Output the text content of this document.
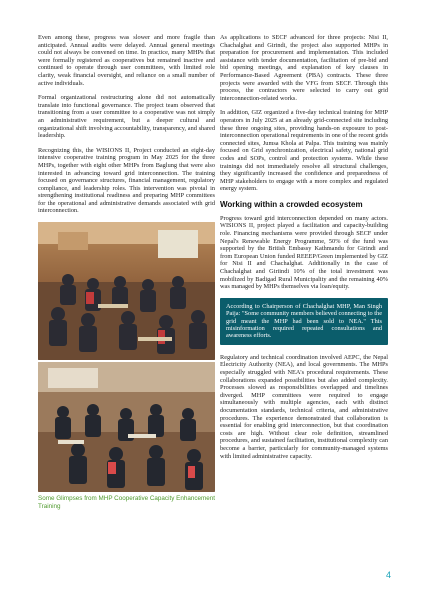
Even among these, progress was slower and more fragile than anticipated. Annual audits were delayed. Annual general meetings could not always be convened on time. In practice, many MHPs that were formally registered as cooperatives but remained inactive and continued to operate through user committees, with limited role clarity, weak financial oversight, and reliance on a small number of active individuals.

Formal organizational restructuring alone did not automatically translate into functional governance. The project team observed that transitioning from a user committee to a cooperative was not simply an administrative requirement, but a deeper cultural and organizational shift involving accountability, transparency, and shared leadership.

Recognizing this, the WISIONS II, Project conducted an eight-day intensive cooperative training program in May 2025 for the three MHPs, together with eight other MHPs from Baglung that were also interested in advancing toward grid interconnection. The training focused on governance structures, financial management, regulatory compliance, and leadership roles. This intervention was pivotal in strengthening institutional readiness and preparing MHP committees for the operational and administrative demands associated with grid interconnection.

Some Glimpses from MHP Cooperative Capacity Enhancement Training

As applications to SECF advanced for three projects: Nisi II, Chachalghat and Girindi, the project also supported MHPs in preparation for procurement and implementation. This included assistance with tender documentation, facilitation of pre-bid and bid opening meetings, and explanation of key clauses in Performance-Based Agreement (PBA) contracts. These three projects were awarded with the VFG from SECF. Through this process, the contractors were selected to carry out grid interconnection-related works.

In addition, GIZ organized a five-day technical training for MHP operators in July 2025 at an already grid-connected site including these three ongoing sites, providing hands-on exposure to post-interconnection operational requirements in one of the recent grids connected sites, Jumsa Khola at Palpa. This training was mainly focused on Grid synchronization, electrical safety, national grid codes and SOPs, control and protection systems. While these trainings did not immediately resolve all structural challenges, they significantly increased the confidence and preparedness of MHP stakeholders to engage with a more complex and regulated energy system.

Working within a crowded ecosystem

Progress toward grid interconnection depended on many actors. WISIONS II, project played a facilitation and capacity-building role. Financing mechanisms were provided through SECF under Nepal's Renewable Energy Programme, 50% of the fund was supported by the British Embassy Kathmandu for Girindi and from European Union funded REEEP/Green implemented by GIZ for Nisi II and Chachalghat. Additionally in the case of Chachalghat and Giriindi 10% of the total investment was mobilized by Badigad Rural Municipality and the remaining 40% was managed by MHPs themselves via loan/equity.

According to Chairperson of Chachalghat MHP, Man Singh Paija: "Some community members believed connecting to the grid meant the MHP had been sold to NEA." This misinformation required repeated consultations and awareness efforts.

Regulatory and technical coordination involved AEPC, the Nepal Electricity Authority (NEA), and local governments. The MHPs especially struggled with NEA's procedural requirements. These collaborations expanded possibilities but also added complexity. Processes slowed as responsibilities overlapped and timelines diverged. MHP committees were required to engage simultaneously with multiple agencies, each with distinct documentation standards, technical criteria, and administrative procedures. The experience demonstrated that collaboration is essential for enabling grid interconnection, but that coordination costs are high. Without clear role definition, streamlined procedures, and sustained facilitation, institutional complexity can become a barrier, particularly for community-managed systems with limited administrative capacity.

4
